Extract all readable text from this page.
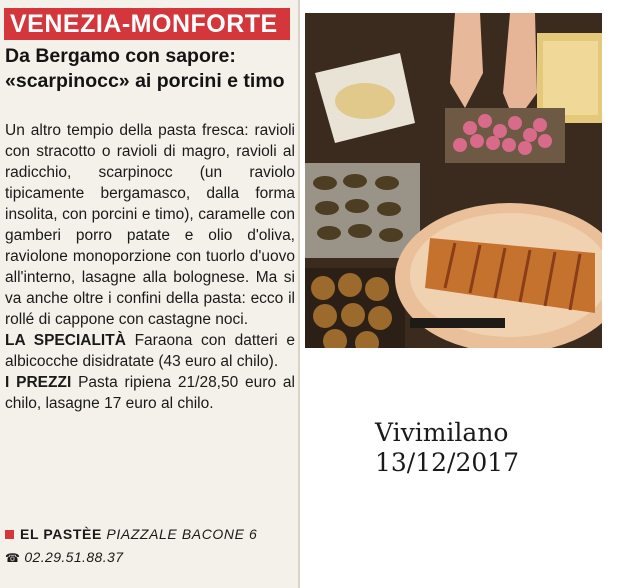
VENEZIA-MONFORTE
Da Bergamo con sapore: «scarpinocc» ai porcini e timo

Un altro tempio della pasta fresca: ravioli con stracotto o ravioli di magro, ravioli al radicchio, scarpinocc (un raviolo tipicamente bergamasco, dalla forma insolita, con porcini e timo), caramelle con gamberi porro patate e olio d'oliva, raviolone monoporzione con tuorlo d'uovo all'interno, lasagne alla bolognese. Ma si va anche oltre i confini della pasta: ecco il rollé di cappone con castagne noci.

LA SPECIALITÀ Faraona con datteri e albicocche disidratate (43 euro al chilo).

I PREZZI Pasta ripiena 21/28,50 euro al chilo, lasagne 17 euro al chilo.

EL PASTÈE PIAZZALE BACONE 6
☎ 02.29.51.88.37
Vivimilano
13/12/2017
